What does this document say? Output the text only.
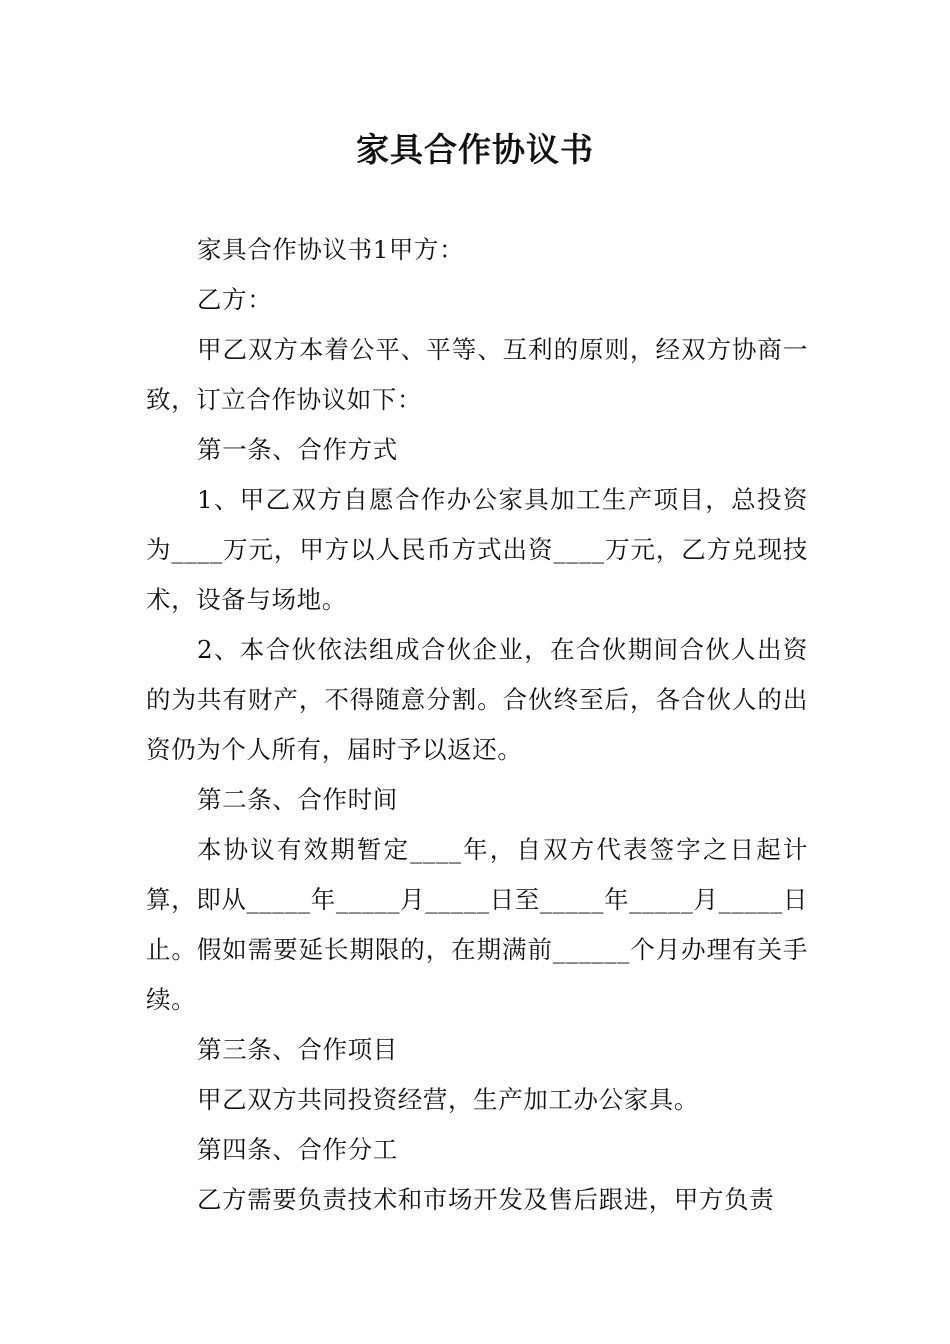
家具合作协议书

家具合作协议书1甲方：

乙方：

甲乙双方本着公平、平等、互利的原则，经双方协商一致，订立合作协议如下：

第一条、合作方式

1、甲乙双方自愿合作办公家具加工生产项目，总投资为____万元，甲方以人民币方式出资____万元，乙方兑现技术，设备与场地。

2、本合伙依法组成合伙企业，在合伙期间合伙人出资的为共有财产，不得随意分割。合伙终至后，各合伙人的出资仍为个人所有，届时予以返还。

第二条、合作时间

本协议有效期暂定____年，自双方代表签字之日起计算，即从_____年_____月_____日至_____年_____月_____日止。假如需要延长期限的，在期满前______个月办理有关手续。

第三条、合作项目

甲乙双方共同投资经营，生产加工办公家具。

第四条、合作分工

乙方需要负责技术和市场开发及售后跟进，甲方负责
